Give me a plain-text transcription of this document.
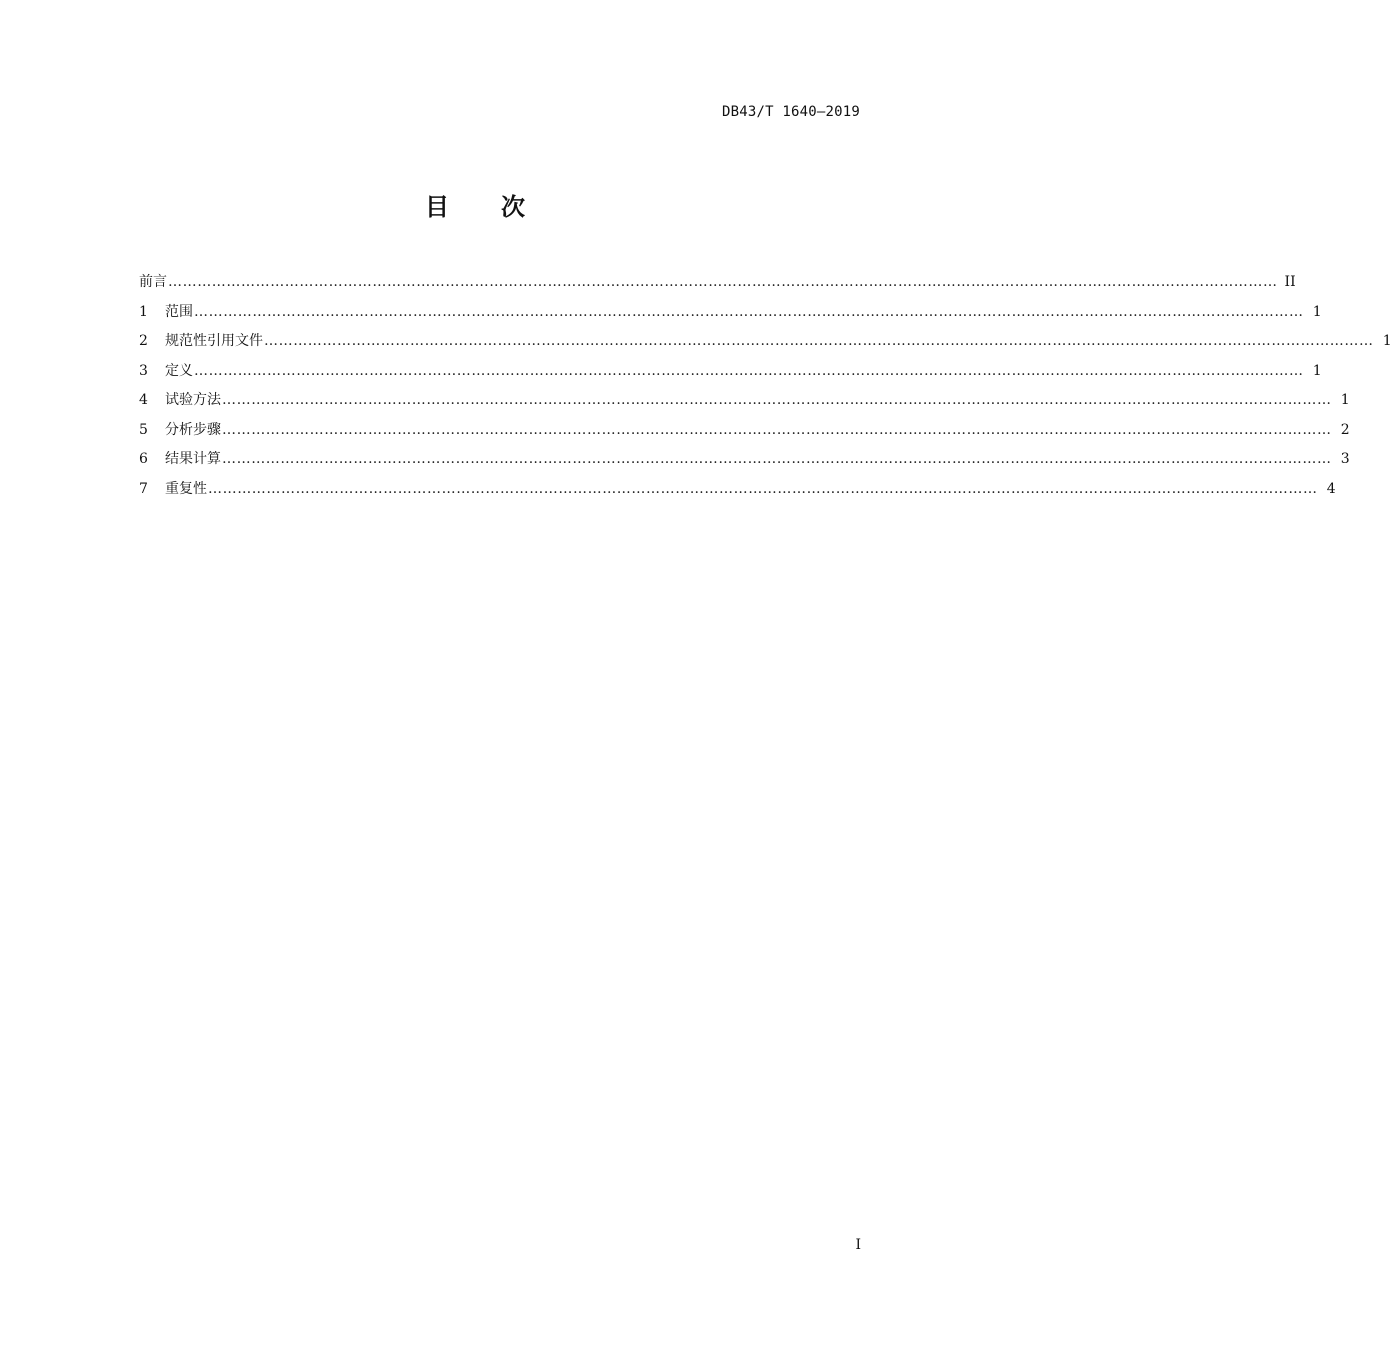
DB43/T 1640—2019
目 次
前言 ………………………………………………………………………………………………………………………………………………………………………………………………………… II
1	范围 ………………………………………………………………………………………………………………………………………………………………………………………………………… 1
2	规范性引用文件 ………………………………………………………………………………………………………………………………………………………………………………………………………… 1
3	定义 ………………………………………………………………………………………………………………………………………………………………………………………………………… 1
4	试验方法 ………………………………………………………………………………………………………………………………………………………………………………………………………… 1
5	分析步骤 ………………………………………………………………………………………………………………………………………………………………………………………………………… 2
6	结果计算 ………………………………………………………………………………………………………………………………………………………………………………………………………… 3
7	重复性 ………………………………………………………………………………………………………………………………………………………………………………………………………… 4
I
